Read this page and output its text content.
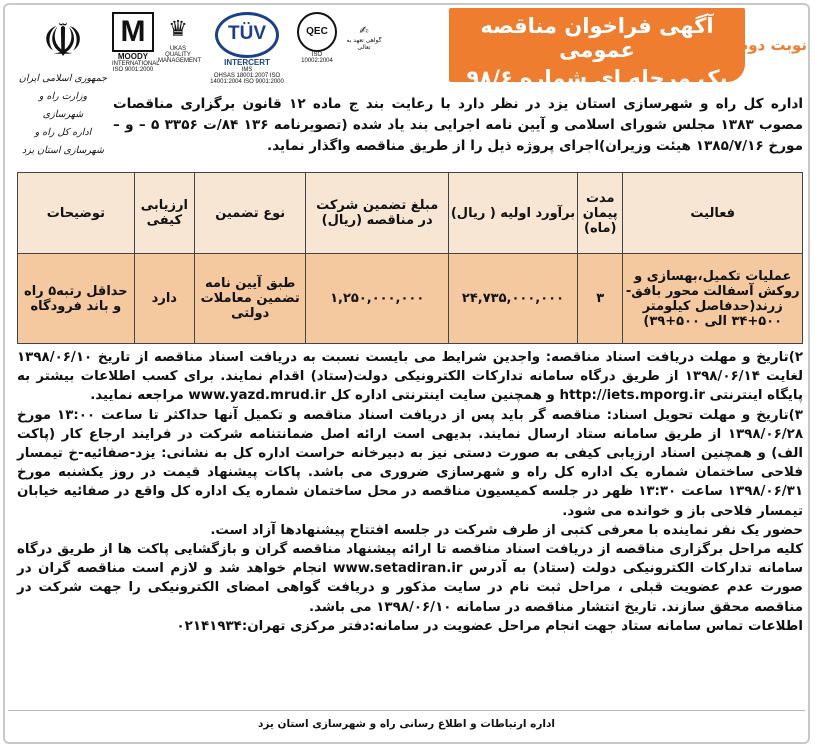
آگهی فراخوان مناقصه عمومی
یک مرحله ای شماره ۹۸/۶
نوبت دوم
M
MOODY
INTERNATIONAL
ISO 9001:2000
♛
UKAS
QUALITY MANAGEMENT
TÜV
INTERCERT
IMS
OHSAS 18001:2007 ISO 14001:2004 ISO 9001:2000
QEC
ISO 10002:2004
✍
گواهی تعهد به تعالی
☫
جمهوری اسلامی ایران
وزارت راه و شهرسازی
اداره کل راه و شهرسازی استان یزد
اداره کل راه و شهرسازی استان یزد در نظر دارد با رعایت بند ج ماده ۱۲ قانون برگزاری مناقصات مصوب ۱۳۸۳ مجلس شورای اسلامی و آیین نامه اجرایی بند یاد شده (تصویرنامه ۱۳۶ ۸۴/ت ۳۳۵۶ ۵ – و – مورخ ۱۳۸۵/۷/۱۶ هیئت وزیران)اجرای پروژه ذیل را از طریق مناقصه واگذار نماید.
فعالیت	مدت پیمان (ماه)	برآورد اولیه ( ریال)	مبلغ تضمین شرکت در مناقصه (ریال)	نوع تضمین	ارزیابی کیفی	توضیحات
عملیات تکمیل،بهسازی و روکش آسفالت محور بافق-زرند(حدفاصل کیلومتر ۵۰۰+۳۴ الی ۵۰۰+۳۹)	۳	۲۴,۷۳۵,۰۰۰,۰۰۰	۱,۲۵۰,۰۰۰,۰۰۰	طبق آیین نامه تضمین معاملات دولتی	دارد	حداقل رتبه۵ راه و باند فرودگاه

۲)تاریخ و مهلت دریافت اسناد مناقصه: واجدین شرایط می بایست نسبت به دریافت اسناد مناقصه از تاریخ ۱۳۹۸/۰۶/۱۰ لغایت ۱۳۹۸/۰۶/۱۴ از طریق درگاه سامانه تدارکات الکترونیکی دولت(ستاد) اقدام نمایند. برای کسب اطلاعات بیشتر به پایگاه اینترنتی http://iets.mporg.ir و همچنین سایت اینترنتی اداره کل www.yazd.mrud.ir مراجعه نمایید.

۳)تاریخ و مهلت تحویل اسناد: مناقصه گر باید پس از دریافت اسناد مناقصه و تکمیل آنها حداکثر تا ساعت ۱۳:۰۰ مورخ ۱۳۹۸/۰۶/۲۸ از طریق سامانه ستاد ارسال نمایند. بدیهی است ارائه اصل ضمانتنامه شرکت در فرایند ارجاع کار (پاکت الف) و همچنین اسناد ارزیابی کیفی به صورت دستی نیز به دبیرخانه حراست اداره کل به نشانی: یزد-صفائیه-خ تیمسار فلاحی ساختمان شماره یک اداره کل راه و شهرسازی ضروری می باشد. پاکات پیشنهاد قیمت در روز یکشنبه مورخ ۱۳۹۸/۰۶/۳۱ ساعت ۱۳:۳۰ ظهر در جلسه کمیسیون مناقصه در محل ساختمان شماره یک اداره کل واقع در صفائیه خیابان تیمسار فلاحی باز و خوانده می شود.

حضور یک نفر نماینده با معرفی کتبی از طرف شرکت در جلسه افتتاح پیشنهادها آزاد است.

کلیه مراحل برگزاری مناقصه از دریافت اسناد مناقصه تا ارائه پیشنهاد مناقصه گران و بازگشایی پاکت ها از طریق درگاه سامانه تدارکات الکترونیکی دولت (ستاد) به آدرس www.setadiran.ir انجام خواهد شد و لازم است مناقصه گران در صورت عدم عضویت قبلی ، مراحل ثبت نام در سایت مذکور و دریافت گواهی امضای الکترونیکی را جهت شرکت در مناقصه محقق سازند. تاریخ انتشار مناقصه در سامانه ۱۳۹۸/۰۶/۱۰ می باشد.

اطلاعات تماس سامانه ستاد جهت انجام مراحل عضویت در سامانه:دفتر مرکزی تهران:۰۲۱۴۱۹۳۴

اداره ارتباطات و اطلاع رسانی راه و شهرسازی استان یزد
